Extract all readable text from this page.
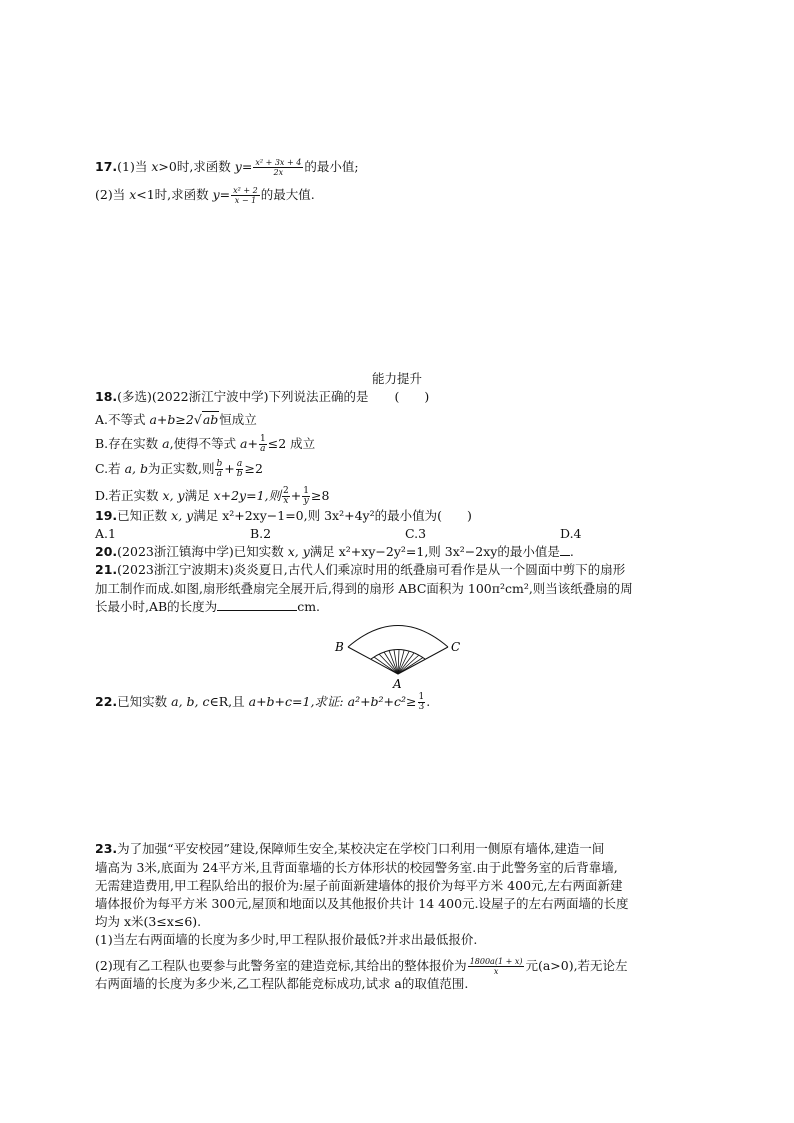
17.(1)当 x>0时,求函数 $y= \frac{\text{x² + 3x + 4}}{2x}$ 的最小值;
(2)当 x<1时,求函数 $y= \frac{\text{x² + 2}}{x - 1}$ 的最大值.
能力提升
18.(多选)(2022浙江宁波中学)下列说法正确的是 (　　)
A.不等式 a+b≥2√ab恒成立
B.存在实数 a,使得不等式 $a+ \frac{1}{a} \le 2$ 成立
C.若 a, b为正实数,则 $\frac{b}{a} + \frac{a}{b} \ge 2$
D.若正实数 x, y满足 x+2y=1,则 $\frac{2}{x} + \frac{1}{y} \ge 8$
19.已知正数 x, y满足 x²+2xy−1=0,则 3x²+4y²的最小值为(　　)
A.1	B.2	C.3	D.4
20.(2023浙江镇海中学)已知实数 x, y满足 x²+xy−2y²=1,则 3x²−2xy的最小值是 .
21.(2023浙江宁波期末)炎炎夏日,古代人们乘凉时用的纸叠扇可看作是从一个圆面中剪下的扇形
加工制作而成.如图,扇形纸叠扇完全展开后,得到的扇形 ABC面积为 100π²cm²,则当该纸叠扇的周
长最小时,AB的长度为	cm.
B	C
A
22.已知实数 a, b, c∈R,且 a+b+c=1,求证: $a^2+b^2+c^2\ge \frac{1}{3}$ .
23.为了加强“平安校园”建设,保障师生安全,某校决定在学校门口利用一侧原有墙体,建造一间
墙高为 3米,底面为 24平方米,且背面靠墙的长方体形状的校园警务室.由于此警务室的后背靠墙,
无需建造费用,甲工程队给出的报价为:屋子前面新建墙体的报价为每平方米 400元,左右两面新建
墙体报价为每平方米 300元,屋顶和地面以及其他报价共计 14 400元.设屋子的左右两面墙的长度
均为 x米(3≤x≤6).
(1)当左右两面墙的长度为多少时,甲工程队报价最低?并求出最低报价.
(2)现有乙工程队也要参与此警务室的建造竞标,其给出的整体报价为 $\frac{1800a(1 + x)}{x}$ 元(a>0),若无论左
右两面墙的长度为多少米,乙工程队都能竞标成功,试求 a的取值范围.
